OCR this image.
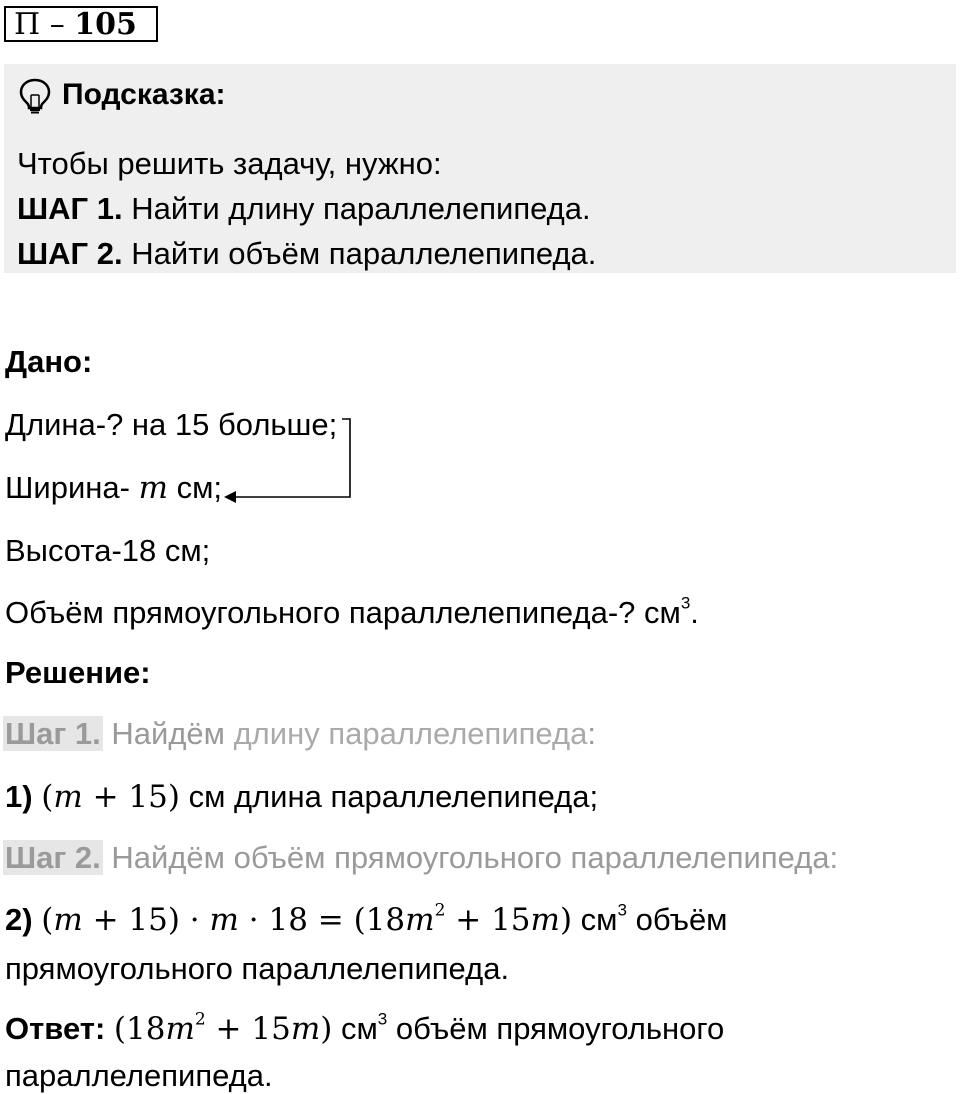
П – 105
Подсказка:
Чтобы решить задачу, нужно:
ШАГ 1. Найти длину параллелепипеда.
ШАГ 2. Найти объём параллелепипеда.
Дано:
Длина-? на 15 больше;
Ширина- m см;
Высота-18 см;
Объём прямоугольного параллелепипеда-? $см^3$.
Решение:
Шаг 1. Найдём длину параллелепипеда:
1) (m + 15) см длина параллелепипеда;
Шаг 2. Найдём объём прямоугольного параллелепипеда:
2) $(m + 15) \cdot m \cdot 18 = (18m^2 + 15m)$ $см^3$ объём
прямоугольного параллелепипеда.
Ответ: $(18m^2 + 15m)$ $см^3$ объём прямоугольного
параллелепипеда.
